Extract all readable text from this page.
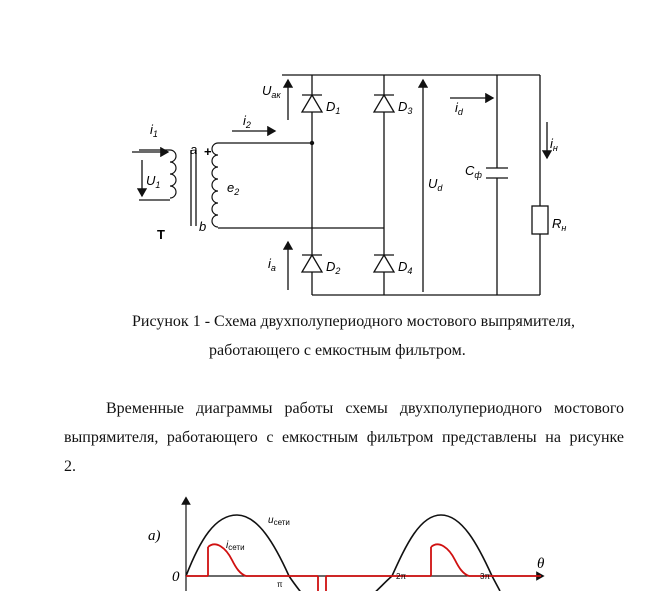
$U_{ак}$
$D_1$	$D_3$
$D_2$	$D_4$
$i_1$
$i_2$
$U_1$	$e_2$
a +
b
T
$i_a$
$U_d$
$i_d$
$C_ф$
$i_н$
$R_н$
Рисунок 1 - Схема двухполупериодного мостового выпрямителя,
работающего с емкостным фильтром.
Временные диаграммы работы схемы двухполупериодного мостового
выпрямителя, работающего с емкостным фильтром представлены на рисунке
2.
а)
uсети
iсети
0	π
2π	3π
θ
